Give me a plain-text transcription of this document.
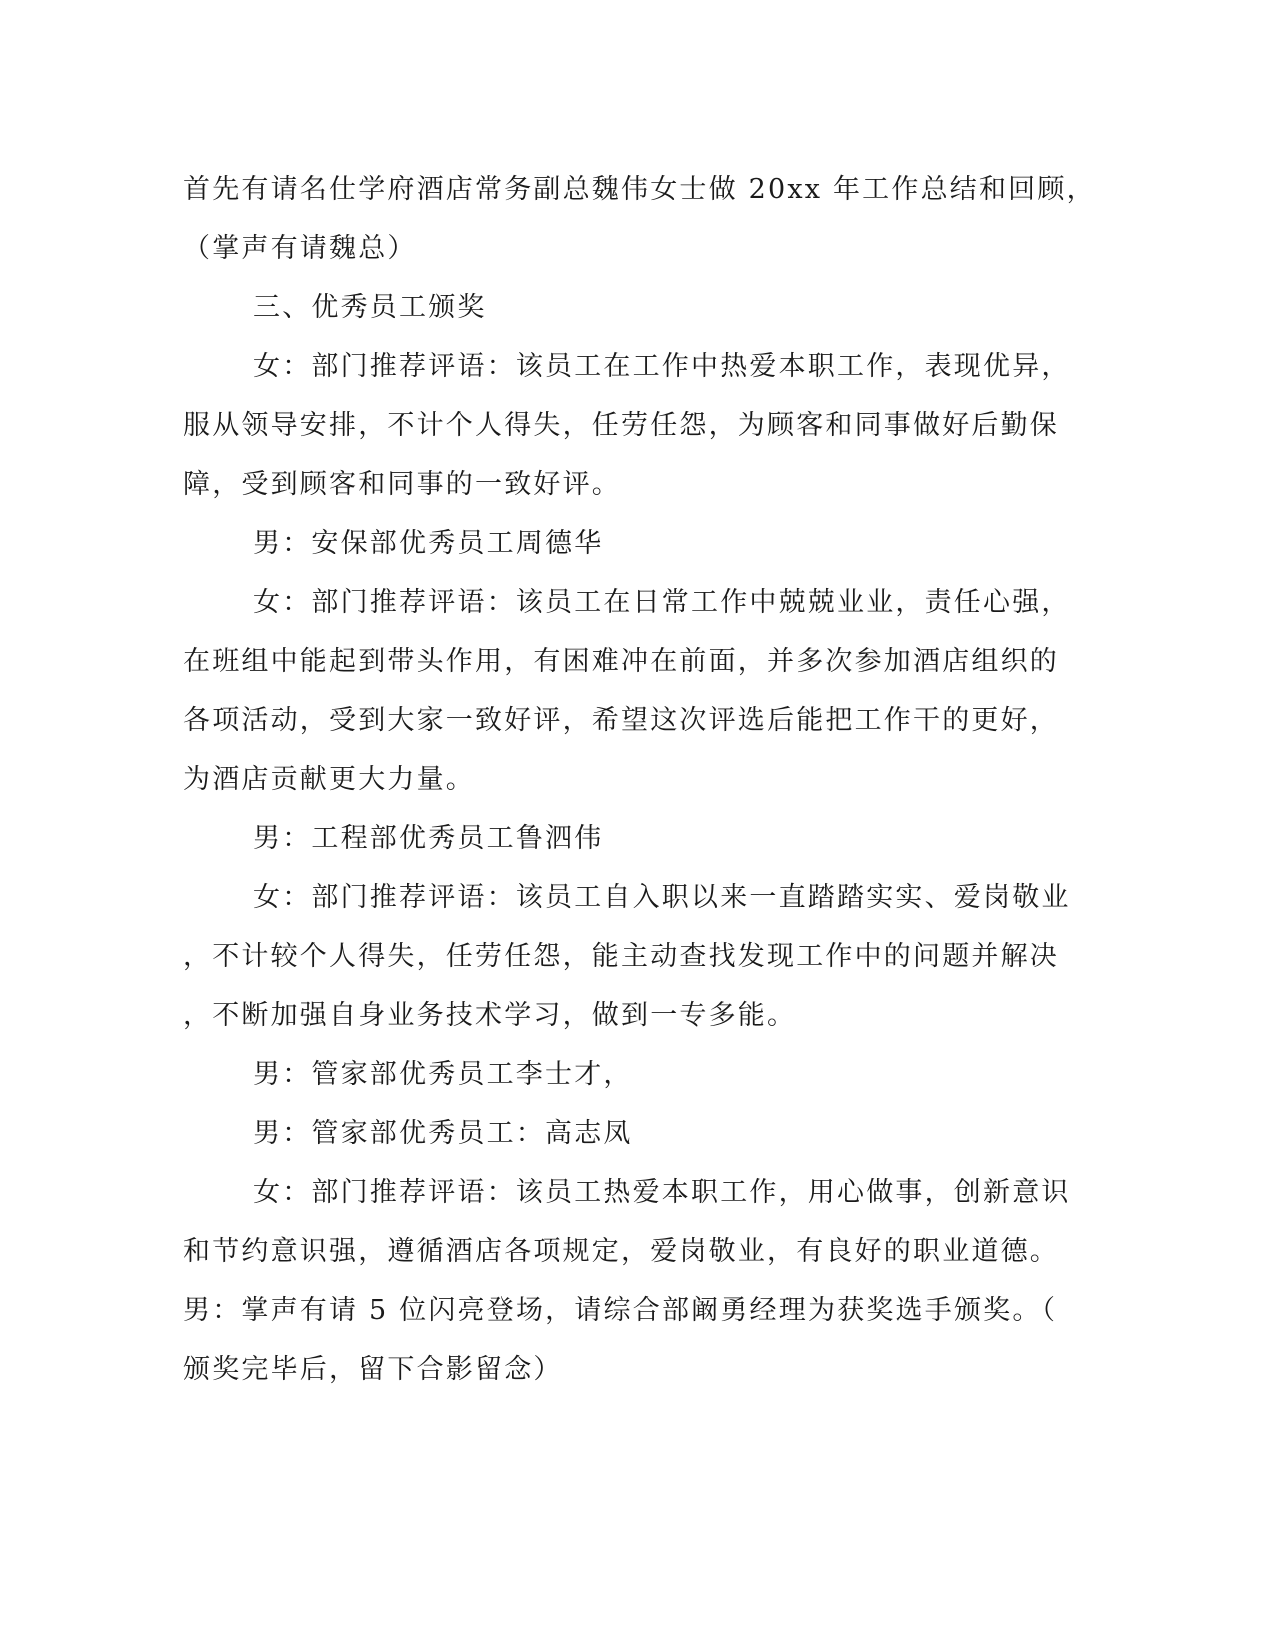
首先有请名仕学府酒店常务副总魏伟女士做 20xx 年工作总结和回顾，
（掌声有请魏总）
三、优秀员工颁奖
女：部门推荐评语：该员工在工作中热爱本职工作，表现优异，
服从领导安排，不计个人得失，任劳任怨，为顾客和同事做好后勤保
障，受到顾客和同事的一致好评。
男：安保部优秀员工周德华
女：部门推荐评语：该员工在日常工作中兢兢业业，责任心强，
在班组中能起到带头作用，有困难冲在前面，并多次参加酒店组织的
各项活动，受到大家一致好评，希望这次评选后能把工作干的更好，
为酒店贡献更大力量。
男：工程部优秀员工鲁泗伟
女：部门推荐评语：该员工自入职以来一直踏踏实实、爱岗敬业
，不计较个人得失，任劳任怨，能主动查找发现工作中的问题并解决
，不断加强自身业务技术学习，做到一专多能。
男：管家部优秀员工李士才，
男：管家部优秀员工：高志凤
女：部门推荐评语：该员工热爱本职工作，用心做事，创新意识
和节约意识强，遵循酒店各项规定，爱岗敬业，有良好的职业道德。
男：掌声有请 5 位闪亮登场，请综合部阚勇经理为获奖选手颁奖。（
颁奖完毕后，留下合影留念）
